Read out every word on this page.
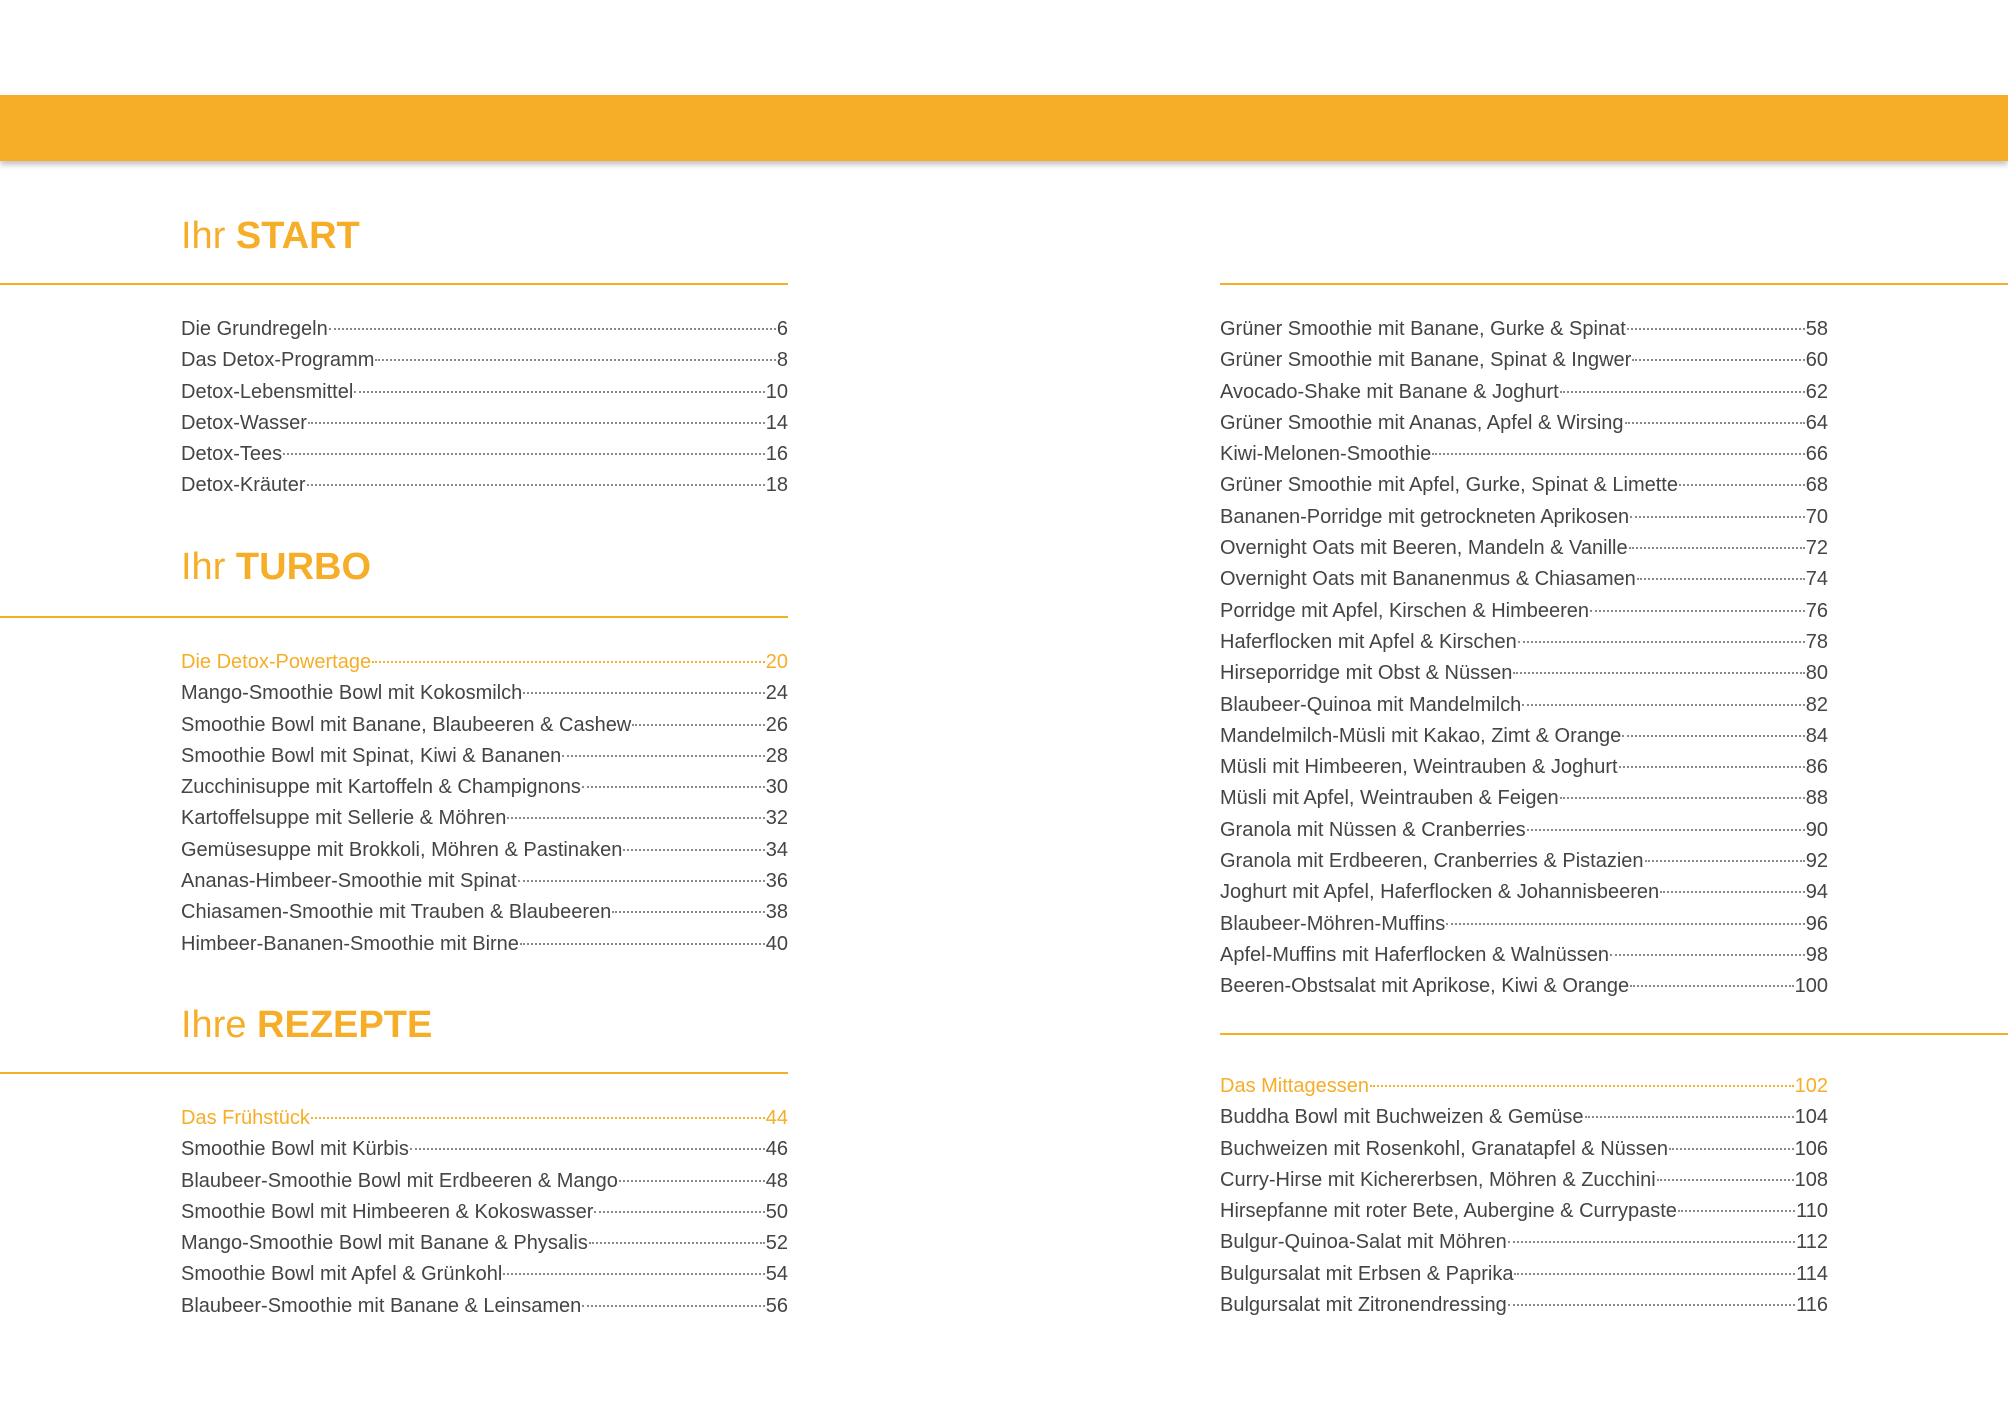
Ihr START
Die Grundregeln	6
Das Detox-Programm	8
Detox-Lebensmittel	10
Detox-Wasser	14
Detox-Tees	16
Detox-Kräuter	18
Ihr TURBO
Die Detox-Powertage	20
Mango-Smoothie Bowl mit Kokosmilch	24
Smoothie Bowl mit Banane, Blaubeeren & Cashew	26
Smoothie Bowl mit Spinat, Kiwi & Bananen	28
Zucchinisuppe mit Kartoffeln & Champignons	30
Kartoffelsuppe mit Sellerie & Möhren	32
Gemüsesuppe mit Brokkoli, Möhren & Pastinaken	34
Ananas-Himbeer-Smoothie mit Spinat	36
Chiasamen-Smoothie mit Trauben & Blaubeeren	38
Himbeer-Bananen-Smoothie mit Birne	40
Ihre REZEPTE
Das Frühstück	44
Smoothie Bowl mit Kürbis	46
Blaubeer-Smoothie Bowl mit Erdbeeren & Mango	48
Smoothie Bowl mit Himbeeren & Kokoswasser	50
Mango-Smoothie Bowl mit Banane & Physalis	52
Smoothie Bowl mit Apfel & Grünkohl	54
Blaubeer-Smoothie mit Banane & Leinsamen	56
Grüner Smoothie mit Banane, Gurke & Spinat	58
Grüner Smoothie mit Banane, Spinat & Ingwer	60
Avocado-Shake mit Banane & Joghurt	62
Grüner Smoothie mit Ananas, Apfel & Wirsing	64
Kiwi-Melonen-Smoothie	66
Grüner Smoothie mit Apfel, Gurke, Spinat & Limette	68
Bananen-Porridge mit getrockneten Aprikosen	70
Overnight Oats mit Beeren, Mandeln & Vanille	72
Overnight Oats mit Bananenmus & Chiasamen	74
Porridge mit Apfel, Kirschen & Himbeeren	76
Haferflocken mit Apfel & Kirschen	78
Hirseporridge mit Obst & Nüssen	80
Blaubeer-Quinoa mit Mandelmilch	82
Mandelmilch-Müsli mit Kakao, Zimt & Orange	84
Müsli mit Himbeeren, Weintrauben & Joghurt	86
Müsli mit Apfel, Weintrauben & Feigen	88
Granola mit Nüssen & Cranberries	90
Granola mit Erdbeeren, Cranberries & Pistazien	92
Joghurt mit Apfel, Haferflocken & Johannisbeeren	94
Blaubeer-Möhren-Muffins	96
Apfel-Muffins mit Haferflocken & Walnüssen	98
Beeren-Obstsalat mit Aprikose, Kiwi & Orange	100
Das Mittagessen	102
Buddha Bowl mit Buchweizen & Gemüse	104
Buchweizen mit Rosenkohl, Granatapfel & Nüssen	106
Curry-Hirse mit Kichererbsen, Möhren & Zucchini	108
Hirsepfanne mit roter Bete, Aubergine & Currypaste	110
Bulgur-Quinoa-Salat mit Möhren	112
Bulgursalat mit Erbsen & Paprika	114
Bulgursalat mit Zitronendressing	116
